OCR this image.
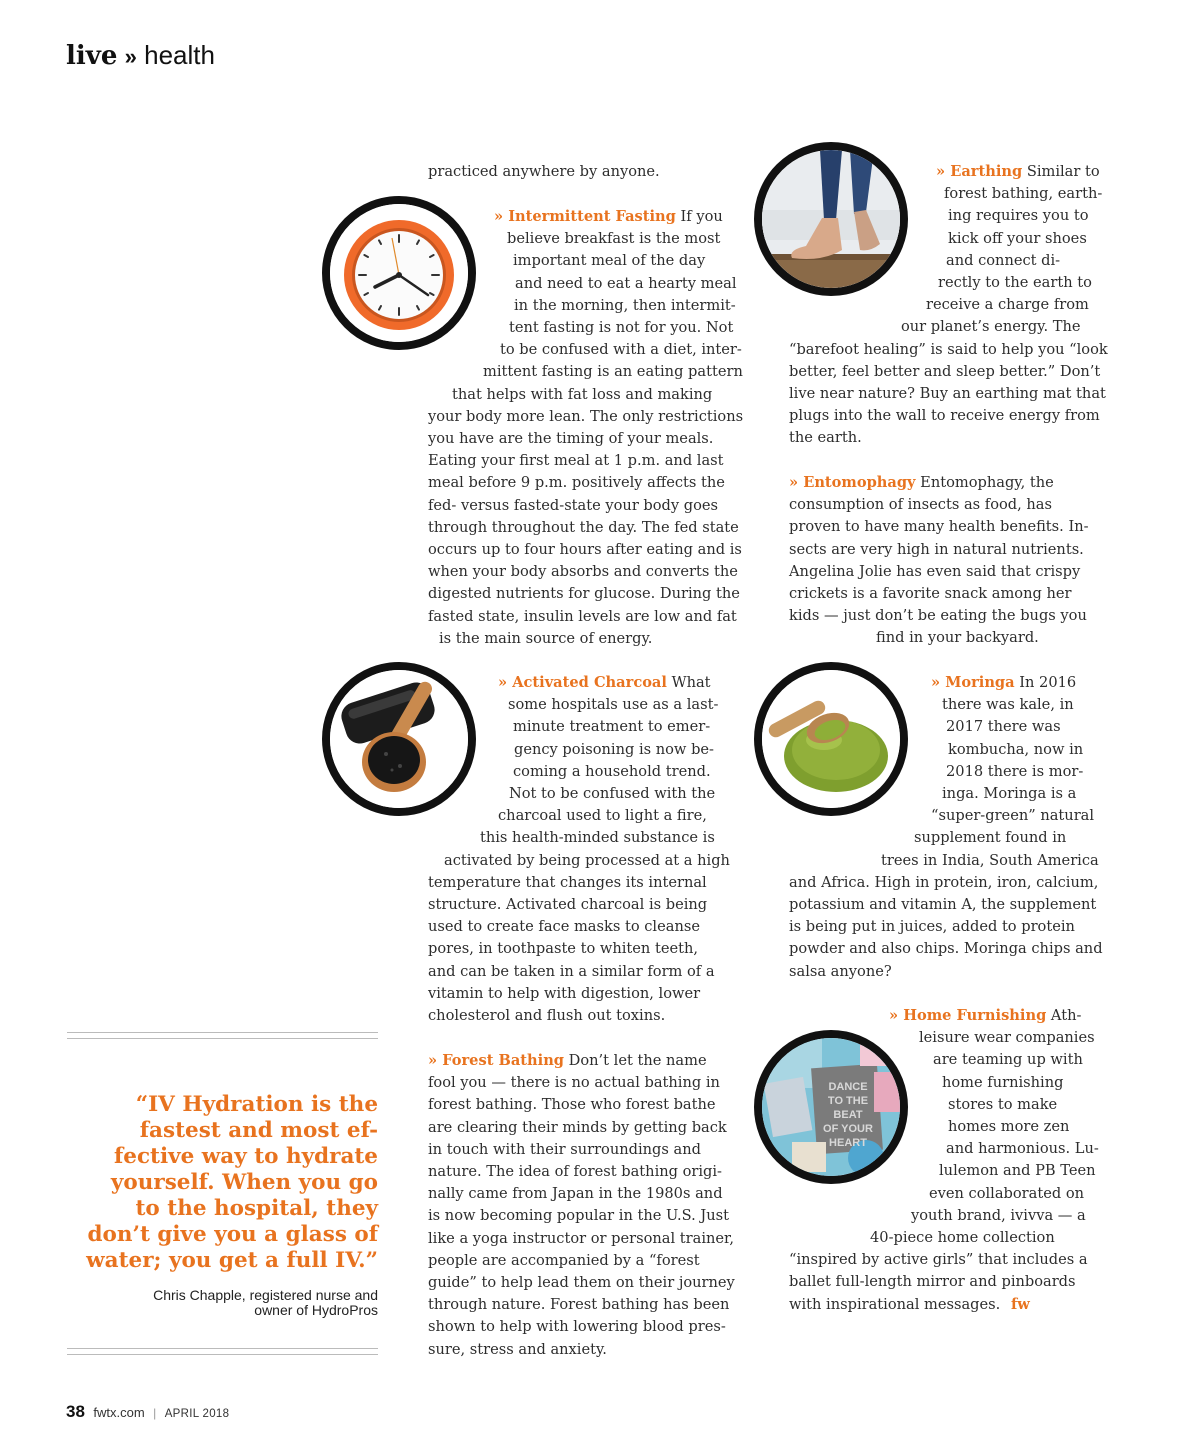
live » health
practiced anywhere by anyone.
» Intermittent Fasting If you
believe breakfast is the most
important meal of the day
and need to eat a hearty meal
in the morning, then intermit-
tent fasting is not for you. Not
to be confused with a diet, inter-
mittent fasting is an eating pattern
that helps with fat loss and making
your body more lean. The only restrictions
you have are the timing of your meals.
Eating your first meal at 1 p.m. and last
meal before 9 p.m. positively affects the
fed- versus fasted-state your body goes
through throughout the day. The fed state
occurs up to four hours after eating and is
when your body absorbs and converts the
digested nutrients for glucose. During the
fasted state, insulin levels are low and fat
is the main source of energy.
» Activated Charcoal What
some hospitals use as a last-
minute treatment to emer-
gency poisoning is now be-
coming a household trend.
Not to be confused with the
charcoal used to light a fire,
this health-minded substance is
activated by being processed at a high
temperature that changes its internal
structure. Activated charcoal is being
used to create face masks to cleanse
pores, in toothpaste to whiten teeth,
and can be taken in a similar form of a
vitamin to help with digestion, lower
cholesterol and flush out toxins.
» Forest Bathing Don’t let the name
fool you — there is no actual bathing in
forest bathing. Those who forest bathe
are clearing their minds by getting back
in touch with their surroundings and
nature. The idea of forest bathing origi-
nally came from Japan in the 1980s and
is now becoming popular in the U.S. Just
like a yoga instructor or personal trainer,
people are accompanied by a “forest
guide” to help lead them on their journey
through nature. Forest bathing has been
shown to help with lowering blood pres-
sure, stress and anxiety.
» Earthing Similar to
forest bathing, earth-
ing requires you to
kick off your shoes
and connect di-
rectly to the earth to
receive a charge from
our planet’s energy. The
“barefoot healing” is said to help you “look
better, feel better and sleep better.” Don’t
live near nature? Buy an earthing mat that
plugs into the wall to receive energy from
the earth.
» Entomophagy Entomophagy, the
consumption of insects as food, has
proven to have many health benefits. In-
sects are very high in natural nutrients.
Angelina Jolie has even said that crispy
crickets is a favorite snack among her
kids — just don’t be eating the bugs you
find in your backyard.
» Moringa In 2016
there was kale, in
2017 there was
kombucha, now in
2018 there is mor-
inga. Moringa is a
“super-green” natural
supplement found in
trees in India, South America
and Africa. High in protein, iron, calcium,
potassium and vitamin A, the supplement
is being put in juices, added to protein
powder and also chips. Moringa chips and
salsa anyone?
DANCE
TO THE
BEAT
OF YOUR
HEART
» Home Furnishing Ath-
leisure wear companies
are teaming up with
home furnishing
stores to make
homes more zen
and harmonious. Lu-
lulemon and PB Teen
even collaborated on
youth brand, ivivva — a
40-piece home collection
“inspired by active girls” that includes a
ballet full-length mirror and pinboards
with inspirational messages. fw
“IV Hydration is the
fastest and most ef-
fective way to hydrate
yourself. When you go
to the hospital, they
don’t give you a glass of
water; you get a full IV.”
Chris Chapple, registered nurse and
owner of HydroPros
38 fwtx.com | APRIL 2018
